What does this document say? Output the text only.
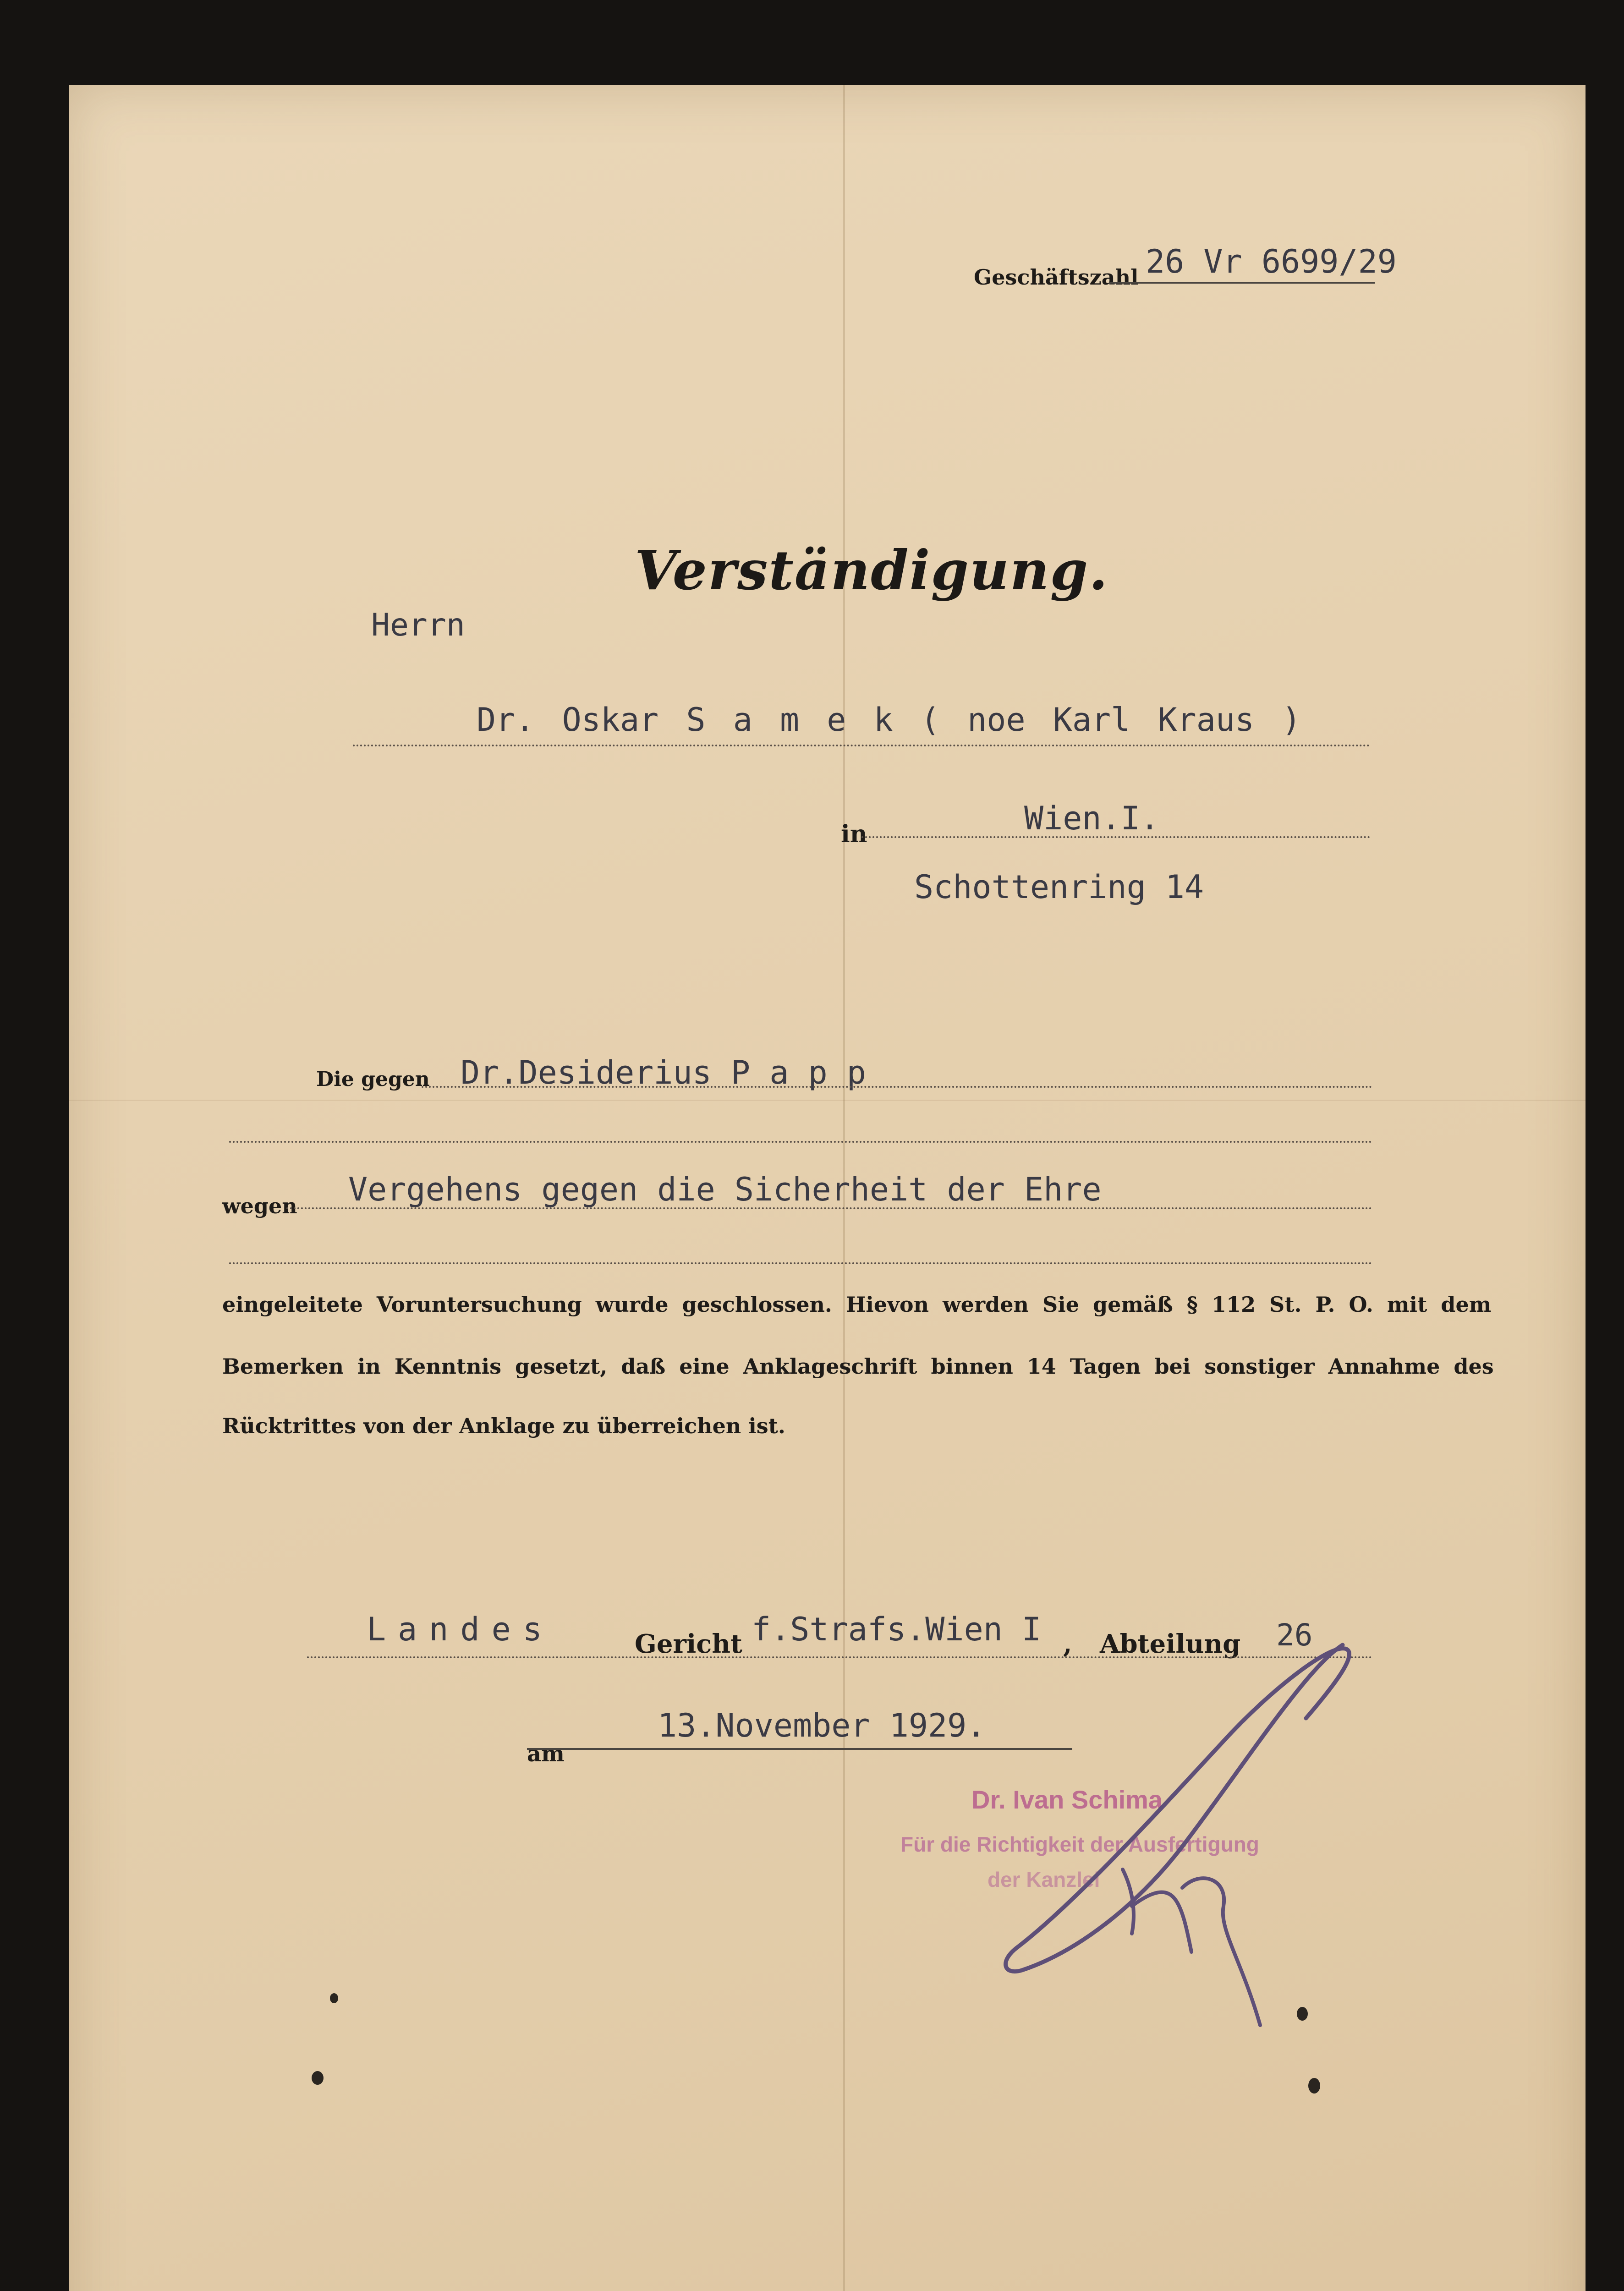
Geschäftszahl 26 Vr 6699/29
Verständigung.
Herrn
Dr. Oskar S a m e k ( noe Karl Kraus )
in	Wien.I.
Schottenring 14
Die gegen Dr.Desiderius P a p p
wegen Vergehens gegen die Sicherheit der Ehre
eingeleitete Voruntersuchung wurde geschlossen. Hievon werden Sie gemäß § 112 St. P. O. mit dem
Bemerken in Kenntnis gesetzt, daß eine Anklageschrift binnen 14 Tagen bei sonstiger Annahme des
Rücktrittes von der Anklage zu überreichen ist.
Landes	Gericht f.Strafs.Wien I , Abteilung 26
am
13.November 1929.
Dr. Ivan Schima
Für die Richtigkeit der Ausfertigung
der Kanzlei
